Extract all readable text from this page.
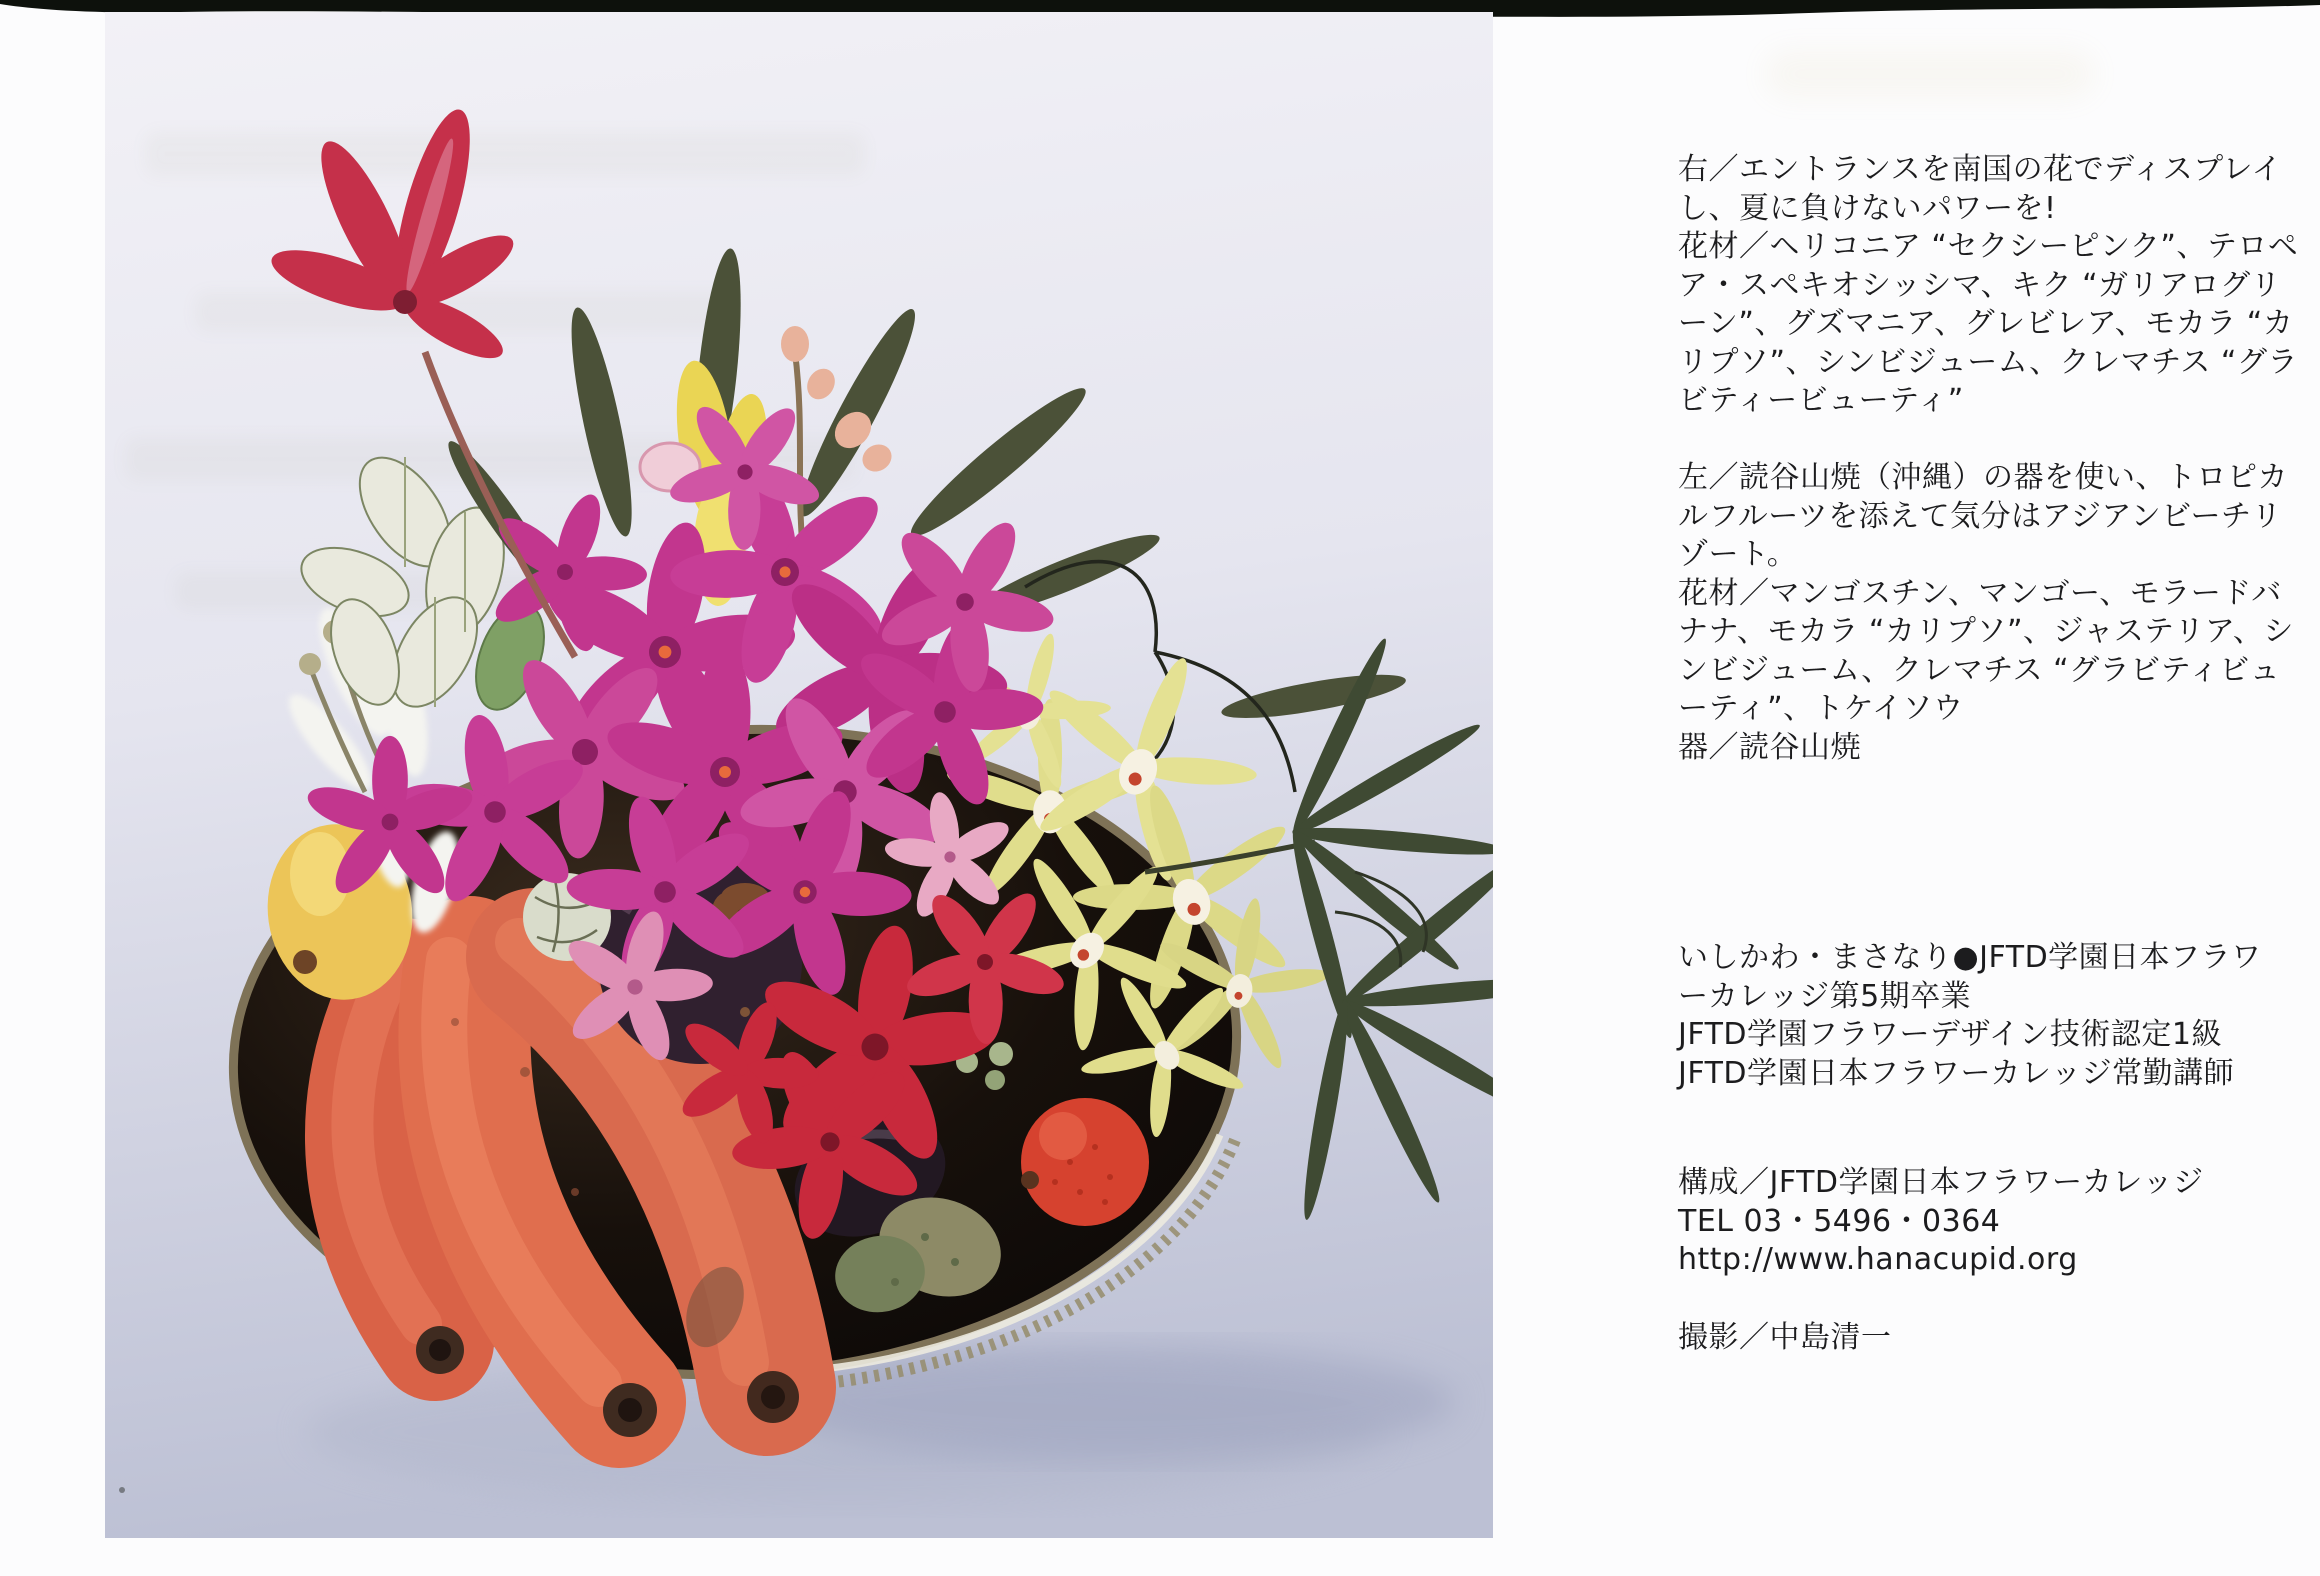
右／エントランスを南国の花でディスプレイ
し、夏に負けないパワーを!
花材／ヘリコニア “セクシーピンク”、テロペ
ア・スペキオシッシマ、キク “ガリアログリ
ーン”、グズマニア、グレビレア、モカラ “カ
リプソ”、シンビジューム、クレマチス “グラ
ビティービューティ”
左／読谷山焼（沖縄）の器を使い、トロピカ
ルフルーツを添えて気分はアジアンビーチリ
ゾート。
花材／マンゴスチン、マンゴー、モラードバ
ナナ、モカラ “カリプソ”、ジャステリア、シ
ンビジューム、クレマチス “グラビティビュ
ーティ”、トケイソウ
器／読谷山焼
いしかわ・まさなり●JFTD学園日本フラワ
ーカレッジ第5期卒業
JFTD学園フラワーデザイン技術認定1級
JFTD学園日本フラワーカレッジ常勤講師
構成／JFTD学園日本フラワーカレッジ
TEL 03・5496・0364
http://www.hanacupid.org
撮影／中島清一
